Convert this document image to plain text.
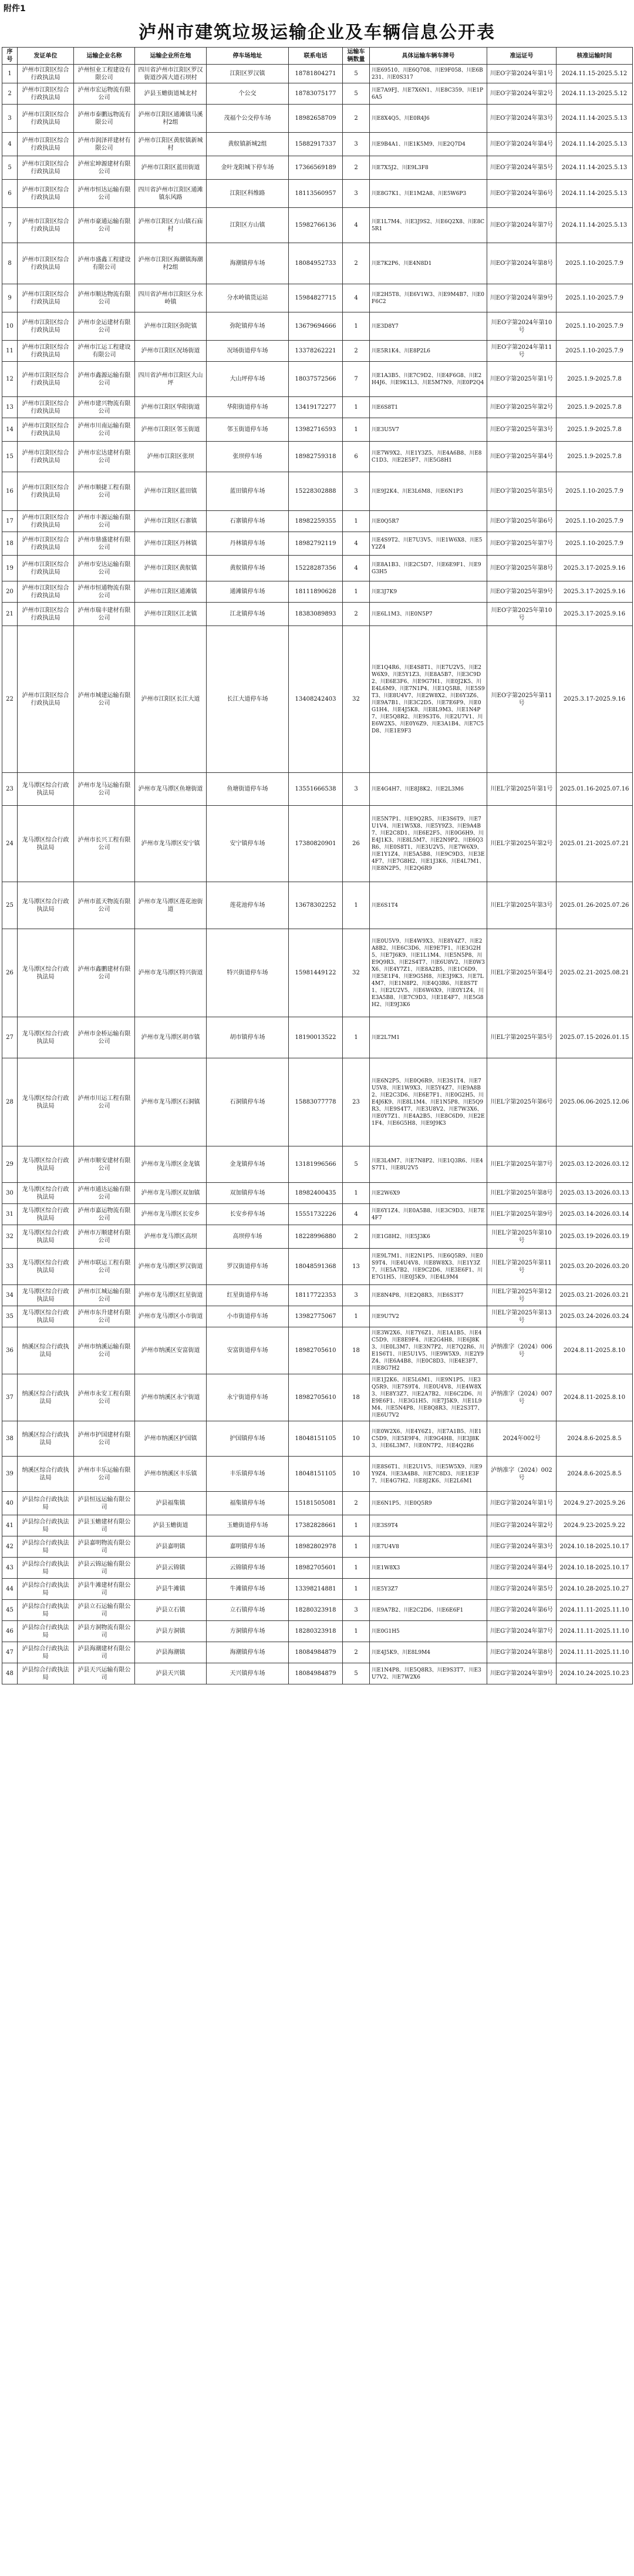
附件1
泸州市建筑垃圾运输企业及车辆信息公开表
序号	发证单位	运输企业名称	运输企业所在地	停车场地址	联系电话	运输车辆数量	具体运输车辆车牌号	准运证号	核准运输时间
1	泸州市江阳区综合行政执法局	泸州恒业工程建设有限公司	四川省泸州市江阳区罗汉街道沙茜大道石坝村	江阳区罗汉镇	18781804271	5	川E69510、川E6Q708、川E9F058、川E6B231、川E0S317	川EO字第2024年第1号	2024.11.15-2025.5.12
2	泸州市江阳区综合行政执法局	泸州市宏运物流有限公司	泸县玉蟾街道城北村	个公交	18783075177	5	川E7A9FJ、川E7X6N1、川E8C359、川E1P6A5	川EO字第2024年第2号	2024.11.13-2025.5.12
3	泸州市江阳区综合行政执法局	泸州市泰鹏远物流有限公司	泸州市江阳区通滩镇马溪村2组	茂福个公交停车场	18982658709	2	川E8X4Q5、川E0R4J6	川EO字第2024年第3号	2024.11.14-2025.5.13
4	泸州市江阳区综合行政执法局	泸州市润泽祥建材有限公司	泸州市江阳区黄舣镇新城村	黄舣镇新城2组	15882917337	3	川E9B4A1、川E1K5M9、川E2Q7D4	川EO字第2024年第4号	2024.11.14-2025.5.13
5	泸州市江阳区综合行政执法局	泸州宏坤源建材有限公司	泸州市江阳区蓝田街道	金叶龙阳城下停车场	17366569189	2	川E7X5J2、川E9L3F8	川EO字第2024年第5号	2024.11.14-2025.5.13
6	泸州市江阳区综合行政执法局	泸州市恒达运输有限公司	四川省泸州市江阳区通滩镇东风路	江阳区科维路	18113560957	3	川E8G7K1、川E1M2A8、川E5W6P3	川EO字第2024年第6号	2024.11.14-2025.5.13
7	泸州市江阳区综合行政执法局	泸州市豪通运输有限公司	泸州市江阳区方山镇石庙村	江阳区方山镇	15982766136	4	川E1L7M4、川E3J9S2、川E6Q2X8、川E8C5R1	川EO字第2024年第7号	2024.11.14-2025.5.13
8	泸州市江阳区综合行政执法局	泸州市盛鑫工程建设有限公司	泸州市江阳区海潮镇海潮村2组	海潮镇停车场	18084952733	2	川E7K2P6、川E4N8D1	川EO字第2024年第8号	2025.1.10-2025.7.9
9	泸州市江阳区综合行政执法局	泸州市顺达物流有限公司	四川省泸州市江阳区分水岭镇	分水岭镇货运站	15984827715	4	川E2H5T8、川E6V1W3、川E9M4B7、川E0F6C2	川EO字第2024年第9号	2025.1.10-2025.7.9
10	泸州市江阳区综合行政执法局	泸州市金运建材有限公司	泸州市江阳区弥陀镇	弥陀镇停车场	13679694666	1	川E3D8Y7	川EO字第2024年第10号	2025.1.10-2025.7.9
11	泸州市江阳区综合行政执法局	泸州市江运工程建设有限公司	泸州市江阳区况场街道	况场街道停车场	13378262221	2	川E5R1K4、川E8P2L6	川EO字第2024年第11号	2025.1.10-2025.7.9
12	泸州市江阳区综合行政执法局	泸州市鑫源运输有限公司	四川省泸州市江阳区大山坪	大山坪停车场	18037572566	7	川E1A3B5、川E7C9D2、川E4F6G8、川E2H4J6、川E9K1L3、川E5M7N9、川E0P2Q4	川EO字第2025年第1号	2025.1.9-2025.7.8
13	泸州市江阳区综合行政执法局	泸州市建兴物流有限公司	泸州市江阳区华阳街道	华阳街道停车场	13419172277	1	川E6S8T1	川EO字第2025年第2号	2025.1.9-2025.7.8
14	泸州市江阳区综合行政执法局	泸州市川南运输有限公司	泸州市江阳区邻玉街道	邻玉街道停车场	13982716593	1	川E3U5V7	川EO字第2025年第3号	2025.1.9-2025.7.8
15	泸州市江阳区综合行政执法局	泸州市宏达建材有限公司	泸州市江阳区张坝	张坝停车场	18982759318	6	川E7W9X2、川E1Y3Z5、川E4A6B8、川E8C1D3、川E2E5F7、川E5G8H1	川EO字第2025年第4号	2025.1.9-2025.7.8
16	泸州市江阳区综合行政执法局	泸州市顺捷工程有限公司	泸州市江阳区蓝田镇	蓝田镇停车场	15228302888	3	川E9J2K4、川E3L6M8、川E6N1P3	川EO字第2025年第5号	2025.1.10-2025.7.9
17	泸州市江阳区综合行政执法局	泸州市丰源运输有限公司	泸州市江阳区石寨镇	石寨镇停车场	18982259355	1	川E0Q5R7	川EO字第2025年第6号	2025.1.10-2025.7.9
18	泸州市江阳区综合行政执法局	泸州市鼎盛建材有限公司	泸州市江阳区丹林镇	丹林镇停车场	18982792119	4	川E4S9T2、川E7U3V5、川E1W6X8、川E5Y2Z4	川EO字第2025年第7号	2025.1.10-2025.7.9
19	泸州市江阳区综合行政执法局	泸州市安达运输有限公司	泸州市江阳区黄舣镇	黄舣镇停车场	15228287356	4	川E8A1B3、川E2C5D7、川E6E9F1、川E9G3H5	川EO字第2025年第8号	2025.3.17-2025.9.16
20	泸州市江阳区综合行政执法局	泸州市恒通物流有限公司	泸州市江阳区通滩镇	通滩镇停车场	18111890628	1	川E3J7K9	川EO字第2025年第9号	2025.3.17-2025.9.16
21	泸州市江阳区综合行政执法局	泸州市瑞丰建材有限公司	泸州市江阳区江北镇	江北镇停车场	18383089893	2	川E6L1M3、川E0N5P7	川EO字第2025年第10号	2025.3.17-2025.9.16
22	泸州市江阳区综合行政执法局	泸州市城建运输有限公司	泸州市江阳区长江大道	长江大道停车场	13408242403	32	川E1Q4R6、川E4S8T1、川E7U2V5、川E2W6X9、川E5Y1Z3、川E8A5B7、川E3C9D2、川E6E3F6、川E9G7H1、川E0J2K5、川E4L6M9、川E7N1P4、川E1Q5R8、川E5S9T3、川E8U4V7、川E2W8X2、川E6Y3Z6、川E9A7B1、川E3C2D5、川E7E6F9、川E0G1H4、川E4J5K8、川E8L9M3、川E1N4P7、川E5Q8R2、川E9S3T6、川E2U7V1、川E6W2X5、川E0Y6Z9、川E3A1B4、川E7C5D8、川E1E9F3	川EO字第2025年第11号	2025.3.17-2025.9.16
23	龙马潭区综合行政执法局	泸州市龙马运输有限公司	泸州市龙马潭区鱼塘街道	鱼塘街道停车场	13551666538	3	川E4G4H7、川E8J8K2、川E2L3M6	川EL字第2025年第1号	2025.01.16-2025.07.16
24	龙马潭区综合行政执法局	泸州市长兴工程有限公司	泸州市龙马潭区安宁镇	安宁镇停车场	17380820901	26	川E5N7P1、川E9Q2R5、川E3S6T9、川E7U1V4、川E1W5X8、川E5Y9Z3、川E9A4B7、川E2C8D1、川E6E2F5、川E0G6H9、川E4J1K3、川E8L5M7、川E2N9P2、川E6Q3R6、川E0S8T1、川E3U2V5、川E7W6X9、川E1Y1Z4、川E5A5B8、川E9C9D3、川E3E4F7、川E7G8H2、川E1J3K6、川E4L7M1、川E8N2P5、川E2Q6R9	川EL字第2025年第2号	2025.01.21-2025.07.21
25	龙马潭区综合行政执法局	泸州市蓝天物流有限公司	泸州市龙马潭区莲花池街道	莲花池停车场	13678302252	1	川E6S1T4	川EL字第2025年第3号	2025.01.26-2025.07.26
26	龙马潭区综合行政执法局	泸州市鑫鹏建材有限公司	泸州市龙马潭区特兴街道	特兴街道停车场	15981449122	32	川E0U5V9、川E4W9X3、川E8Y4Z7、川E2A8B2、川E6C3D6、川E9E7F1、川E3G2H5、川E7J6K9、川E1L1M4、川E5N5P8、川E9Q9R3、川E2S4T7、川E6U8V2、川E0W3X6、川E4Y7Z1、川E8A2B5、川E1C6D9、川E5E1F4、川E9G5H8、川E3J9K3、川E7L4M7、川E1N8P2、川E4Q3R6、川E8S7T1、川E2U2V5、川E6W6X9、川E0Y1Z4、川E3A5B8、川E7C9D3、川E1E4F7、川E5G8H2、川E9J3K6	川EL字第2025年第4号	2025.02.21-2025.08.21
27	龙马潭区综合行政执法局	泸州市金桥运输有限公司	泸州市龙马潭区胡市镇	胡市镇停车场	18190013522	1	川E2L7M1	川EL字第2025年第5号	2025.07.15-2026.01.15
28	龙马潭区综合行政执法局	泸州市川运工程有限公司	泸州市龙马潭区石洞镇	石洞镇停车场	15883077778	23	川E6N2P5、川E0Q6R9、川E3S1T4、川E7U5V8、川E1W9X3、川E5Y4Z7、川E9A8B2、川E2C3D6、川E6E7F1、川E0G2H5、川E4J6K9、川E8L1M4、川E1N5P8、川E5Q9R3、川E9S4T7、川E3U8V2、川E7W3X6、川E0Y7Z1、川E4A2B5、川E8C6D9、川E2E1F4、川E6G5H8、川E9J9K3	川EL字第2025年第6号	2025.06.06-2025.12.06
29	龙马潭区综合行政执法局	泸州市顺安建材有限公司	泸州市龙马潭区金龙镇	金龙镇停车场	13181996566	5	川E3L4M7、川E7N8P2、川E1Q3R6、川E4S7T1、川E8U2V5	川EL字第2025年第7号	2025.03.12-2026.03.12
30	龙马潭区综合行政执法局	泸州市通达运输有限公司	泸州市龙马潭区双加镇	双加镇停车场	18982400435	1	川E2W6X9	川EL字第2025年第8号	2025.03.13-2026.03.13
31	龙马潭区综合行政执法局	泸州市嘉运物流有限公司	泸州市龙马潭区长安乡	长安乡停车场	15551732226	4	川E6Y1Z4、川E0A5B8、川E3C9D3、川E7E4F7	川EL字第2025年第9号	2025.03.14-2026.03.14
32	龙马潭区综合行政执法局	泸州市万顺建材有限公司	泸州市龙马潭区高坝	高坝停车场	18228996880	2	川E1G8H2、川E5J3K6	川EL字第2025年第10号	2025.03.19-2026.03.19
33	龙马潭区综合行政执法局	泸州市联运工程有限公司	泸州市龙马潭区罗汉街道	罗汉街道停车场	18048591368	13	川E9L7M1、川E2N1P5、川E6Q5R9、川E0S9T4、川E4U4V8、川E8W8X3、川E1Y3Z7、川E5A7B2、川E9C2D6、川E3E6F1、川E7G1H5、川E0J5K9、川E4L9M4	川EL字第2025年第11号	2025.03.20-2026.03.20
34	龙马潭区综合行政执法局	泸州市江城运输有限公司	泸州市龙马潭区红星街道	红星街道停车场	18117722353	3	川E8N4P8、川E2Q8R3、川E6S3T7	川EL字第2025年第12号	2025.03.21-2026.03.21
35	龙马潭区综合行政执法局	泸州市东升建材有限公司	泸州市龙马潭区小市街道	小市街道停车场	13982775067	1	川E9U7V2	川EL字第2025年第13号	2025.03.24-2026.03.24
36	纳溪区综合行政执法局	泸州市纳溪运输有限公司	泸州市纳溪区安富街道	安富街道停车场	18982705610	18	川E3W2X6、川E7Y6Z1、川E1A1B5、川E4C5D9、川E8E9F4、川E2G4H8、川E6J8K3、川E0L3M7、川E3N7P2、川E7Q2R6、川E1S6T1、川E5U1V5、川E9W5X9、川E2Y9Z4、川E6A4B8、川E0C8D3、川E4E3F7、川E8G7H2	泸纳准字（2024）006号	2024.8.11-2025.8.10
37	纳溪区综合行政执法局	泸州市永安工程有限公司	泸州市纳溪区永宁街道	永宁街道停车场	18982705610	18	川E1J2K6、川E5L6M1、川E9N1P5、川E3Q5R9、川E7S9T4、川E0U4V8、川E4W8X3、川E8Y3Z7、川E2A7B2、川E6C2D6、川E9E6F1、川E3G1H5、川E7J5K9、川E1L9M4、川E5N4P8、川E8Q8R3、川E2S3T7、川E6U7V2	泸纳准字（2024）007号	2024.8.11-2025.8.10
38	纳溪区综合行政执法局	泸州市护国建材有限公司	泸州市纳溪区护国镇	护国镇停车场	18048151105	10	川E0W2X6、川E4Y6Z1、川E7A1B5、川E1C5D9、川E5E9F4、川E9G4H8、川E3J8K3、川E6L3M7、川E0N7P2、川E4Q2R6	2024年002号	2024.8.6-2025.8.5
39	纳溪区综合行政执法局	泸州市丰乐运输有限公司	泸州市纳溪区丰乐镇	丰乐镇停车场	18048151105	10	川E8S6T1、川E2U1V5、川E5W5X9、川E9Y9Z4、川E3A4B8、川E7C8D3、川E1E3F7、川E4G7H2、川E8J2K6、川E2L6M1	泸纳准字（2024）002号	2024.8.6-2025.8.5
40	泸县综合行政执法局	泸县恒远运输有限公司	泸县福集镇	福集镇停车场	15181505081	2	川E6N1P5、川E0Q5R9	川EG字第2024年第1号	2024.9.27-2025.9.26
41	泸县综合行政执法局	泸县玉蟾建材有限公司	泸县玉蟾街道	玉蟾街道停车场	17382828661	1	川E3S9T4	川EG字第2024年第2号	2024.9.23-2025.9.22
42	泸县综合行政执法局	泸县嘉明物流有限公司	泸县嘉明镇	嘉明镇停车场	18982802978	1	川E7U4V8	川EG字第2024年第3号	2024.10.18-2025.10.17
43	泸县综合行政执法局	泸县云锦运输有限公司	泸县云锦镇	云锦镇停车场	18982705601	1	川E1W8X3	川EG字第2024年第4号	2024.10.18-2025.10.17
44	泸县综合行政执法局	泸县牛滩建材有限公司	泸县牛滩镇	牛滩镇停车场	13398214881	1	川E5Y3Z7	川EG字第2024年第5号	2024.10.28-2025.10.27
45	泸县综合行政执法局	泸县立石运输有限公司	泸县立石镇	立石镇停车场	18280323918	3	川E9A7B2、川E2C2D6、川E6E6F1	川EG字第2024年第6号	2024.11.11-2025.11.10
46	泸县综合行政执法局	泸县方洞物流有限公司	泸县方洞镇	方洞镇停车场	18280323918	1	川E0G1H5	川EG字第2024年第7号	2024.11.11-2025.11.10
47	泸县综合行政执法局	泸县海潮建材有限公司	泸县海潮镇	海潮镇停车场	18084984879	2	川E4J5K9、川E8L9M4	川EG字第2024年第8号	2024.11.11-2025.11.10
48	泸县综合行政执法局	泸县天兴运输有限公司	泸县天兴镇	天兴镇停车场	18084984879	5	川E1N4P8、川E5Q8R3、川E9S3T7、川E3U7V2、川E7W2X6	川EG字第2024年第9号	2024.10.24-2025.10.23
